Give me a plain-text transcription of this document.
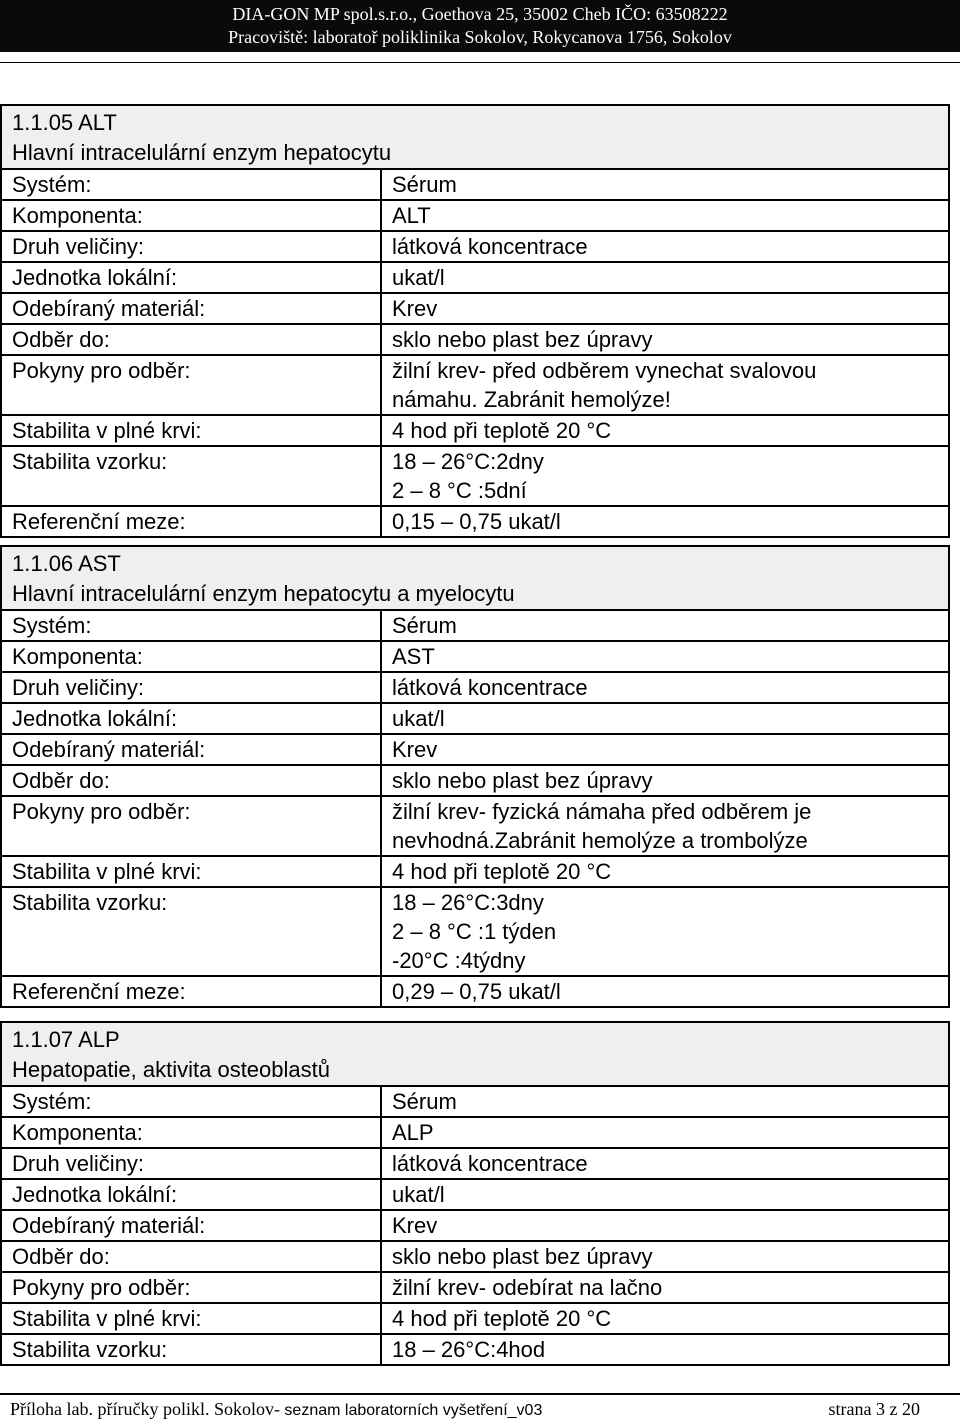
DIA-GON MP spol.s.r.o., Goethova 25, 35002 Cheb IČO: 63508222
Pracoviště: laboratoř poliklinika Sokolov, Rokycanova 1756, Sokolov
1.1.05 ALT
Hlavní intracelulární enzym hepatocytu
Systém:	Sérum
Komponenta:	ALT
Druh veličiny:	látková koncentrace
Jednotka lokální:	ukat/l
Odebíraný materiál:	Krev
Odběr do:	sklo nebo plast bez úpravy
Pokyny pro odběr:	žilní krev- před odběrem vynechat svalovou
námahu. Zabránit hemolýze!
Stabilita v plné krvi:	4 hod při teplotě 20 °C
Stabilita vzorku:	18 – 26°C:2dny
2 – 8 °C :5dní
Referenční meze:	0,15 – 0,75 ukat/l
1.1.06 AST
Hlavní intracelulární enzym hepatocytu a myelocytu
Systém:	Sérum
Komponenta:	AST
Druh veličiny:	látková koncentrace
Jednotka lokální:	ukat/l
Odebíraný materiál:	Krev
Odběr do:	sklo nebo plast bez úpravy
Pokyny pro odběr:	žilní krev- fyzická námaha před odběrem je
nevhodná.Zabránit hemolýze a trombolýze
Stabilita v plné krvi:	4 hod při teplotě 20 °C
Stabilita vzorku:	18 – 26°C:3dny
2 – 8 °C :1 týden
-20°C :4týdny
Referenční meze:	0,29 – 0,75 ukat/l
1.1.07 ALP
Hepatopatie, aktivita osteoblastů
Systém:	Sérum
Komponenta:	ALP
Druh veličiny:	látková koncentrace
Jednotka lokální:	ukat/l
Odebíraný materiál:	Krev
Odběr do:	sklo nebo plast bez úpravy
Pokyny pro odběr:	žilní krev- odebírat na lačno
Stabilita v plné krvi:	4 hod při teplotě 20 °C
Stabilita vzorku:	18 – 26°C:4hod
Příloha lab. příručky polikl. Sokolov- seznam laboratorních vyšetření_v03	strana 3 z 20
